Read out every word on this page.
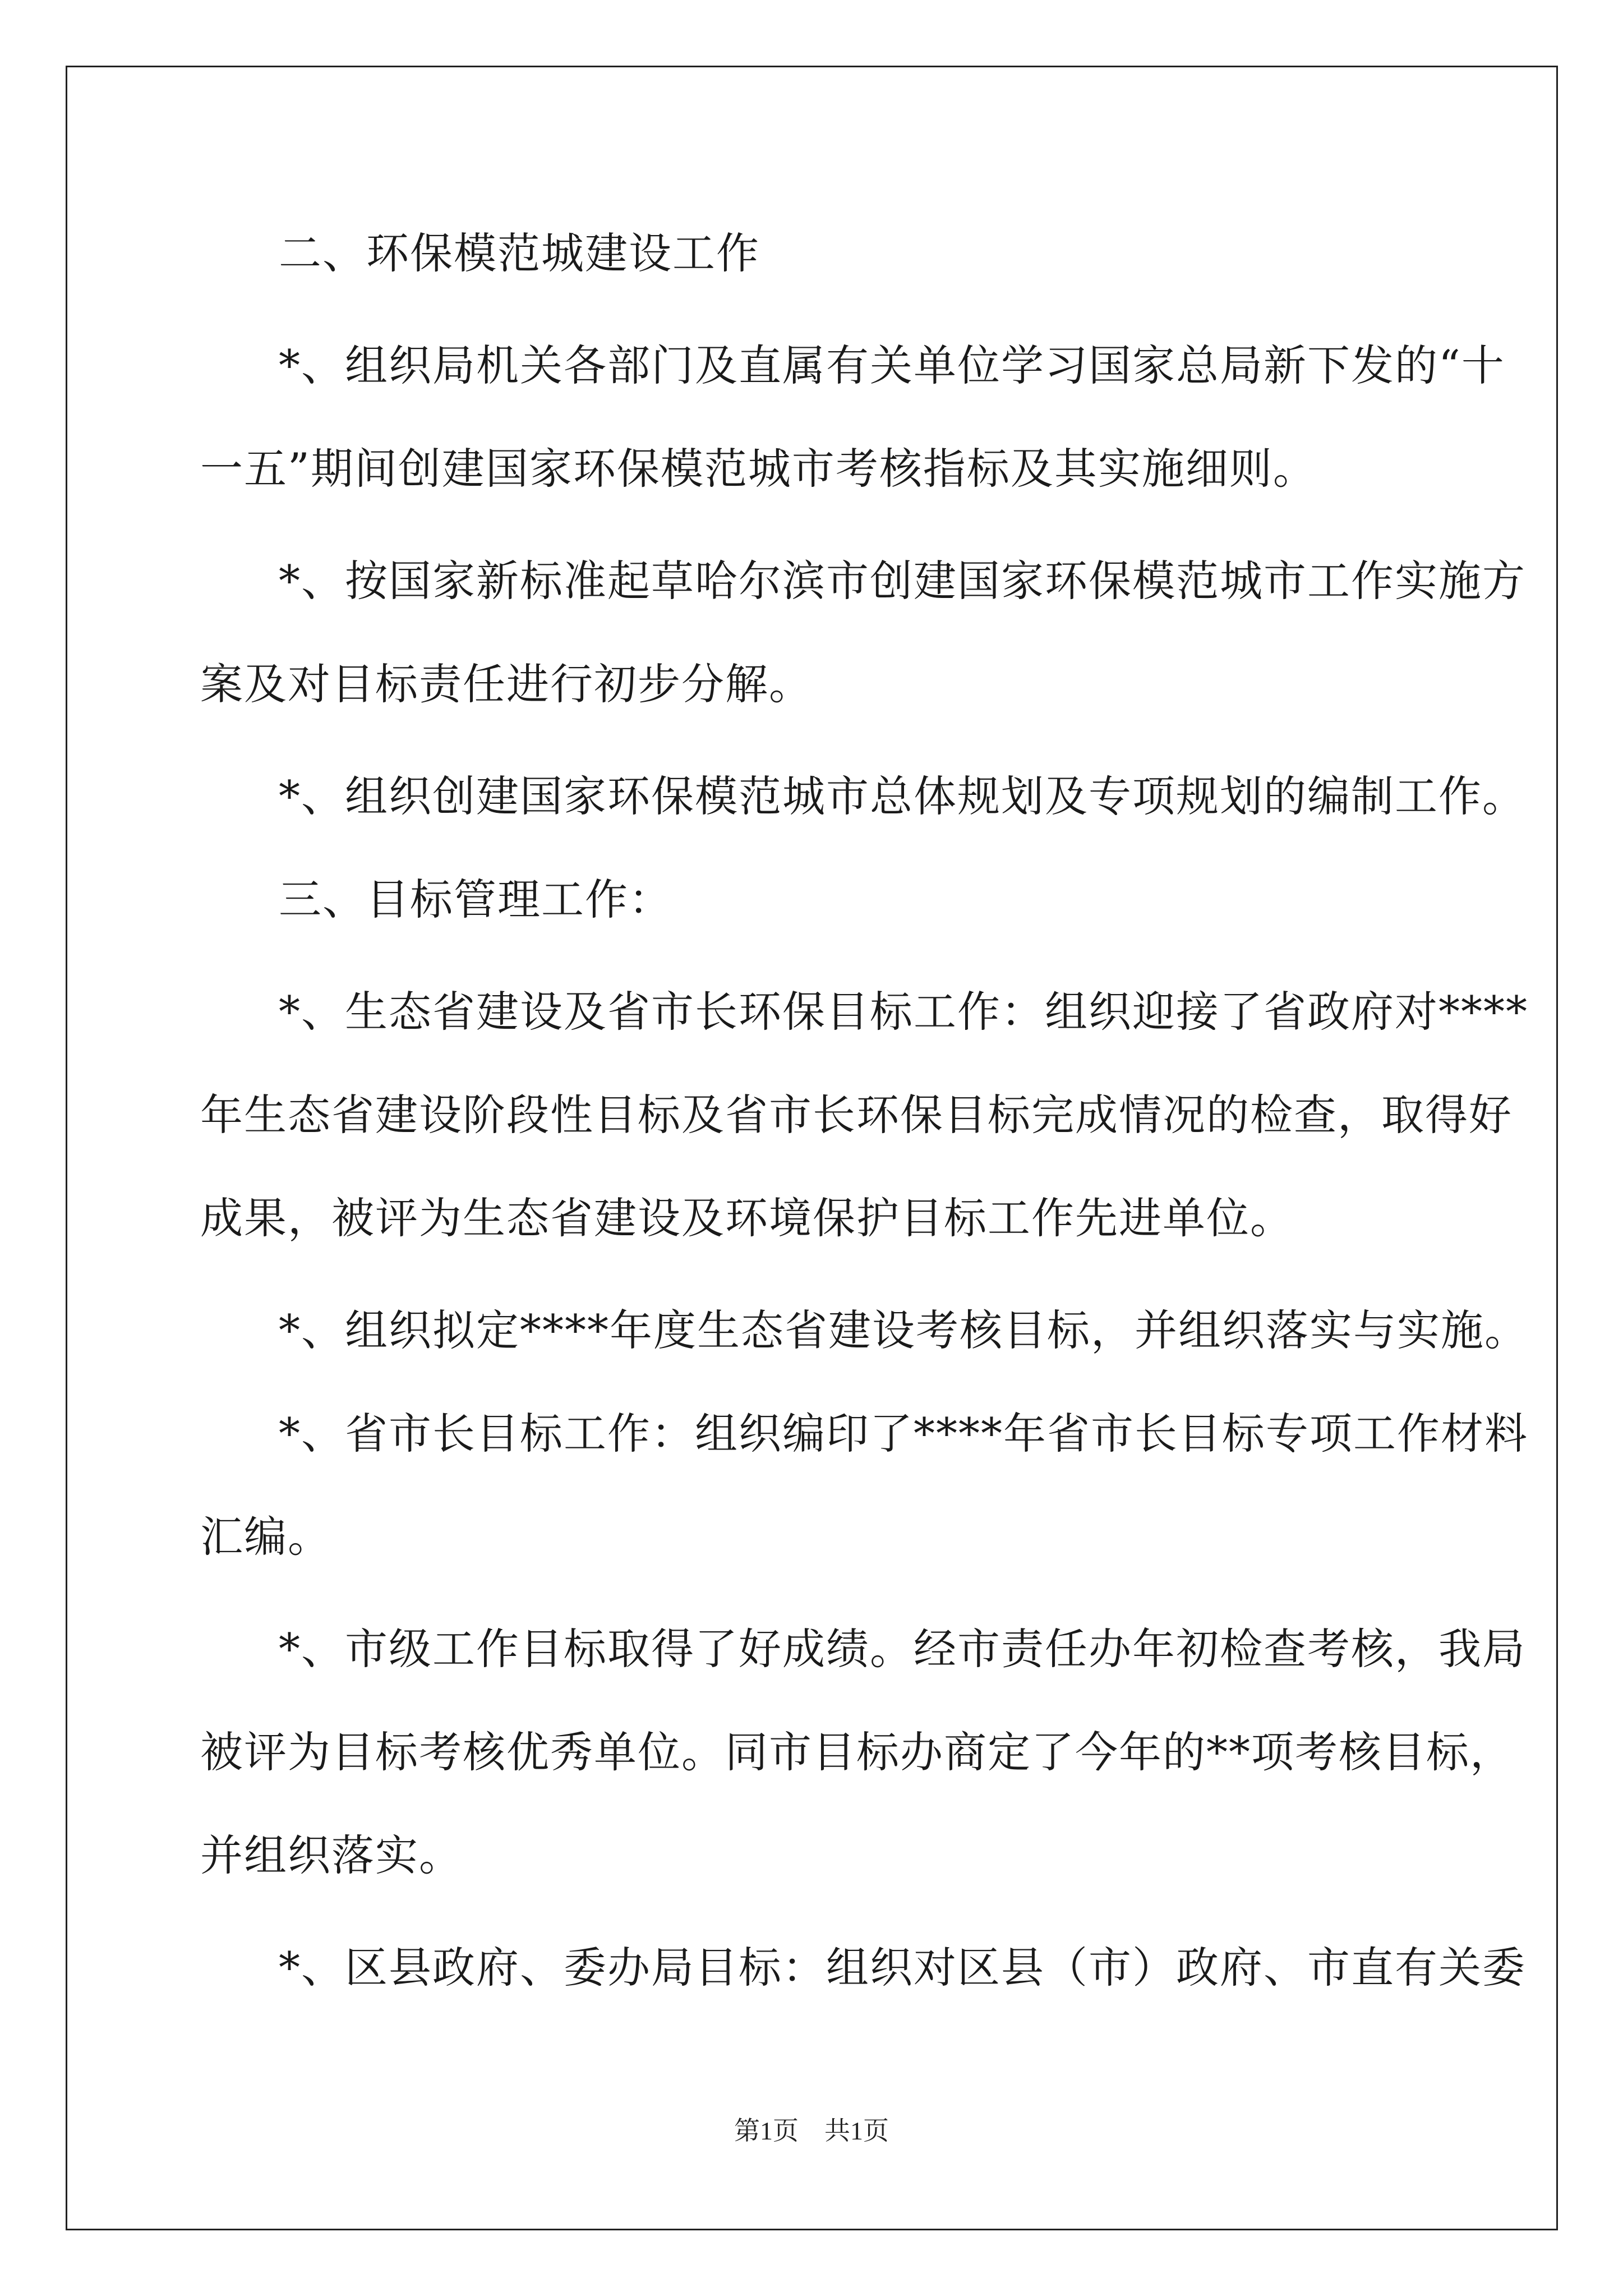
二、环保模范城建设工作
*、组织局机关各部门及直属有关单位学习国家总局新下发的“十
一五”期间创建国家环保模范城市考核指标及其实施细则。
*、按国家新标准起草哈尔滨市创建国家环保模范城市工作实施方
案及对目标责任进行初步分解。
*、组织创建国家环保模范城市总体规划及专项规划的编制工作。
三、目标管理工作：
*、生态省建设及省市长环保目标工作：组织迎接了省政府对****
年生态省建设阶段性目标及省市长环保目标完成情况的检查，取得好
成果，被评为生态省建设及环境保护目标工作先进单位。
*、组织拟定****年度生态省建设考核目标，并组织落实与实施。
*、省市长目标工作：组织编印了****年省市长目标专项工作材料
汇编。
*、市级工作目标取得了好成绩。经市责任办年初检查考核，我局
被评为目标考核优秀单位。同市目标办商定了今年的**项考核目标，
并组织落实。
*、区县政府、委办局目标：组织对区县（市）政府、市直有关委
第1页　共1页
